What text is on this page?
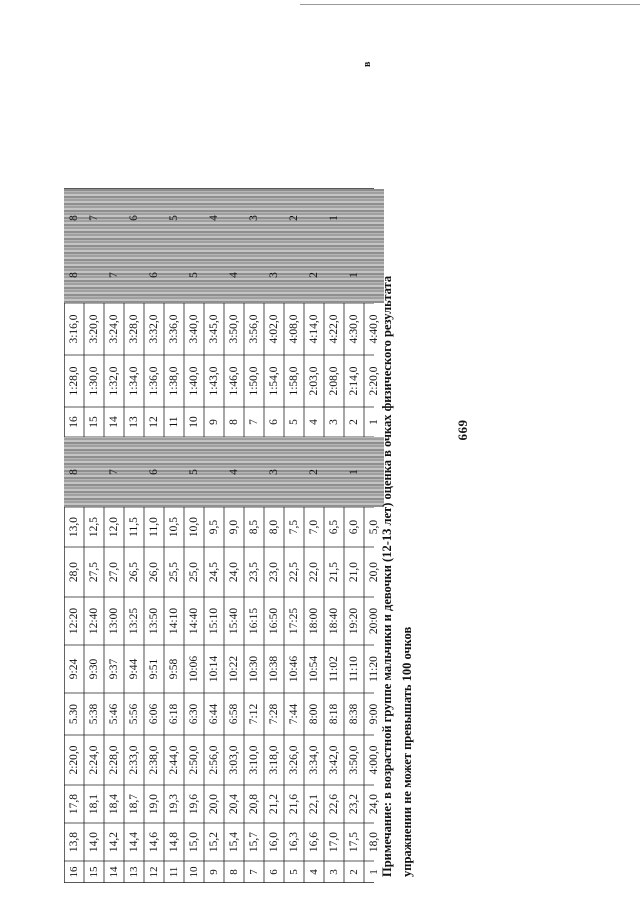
669
16
13,8
17,8
2:20,0
5.30
9:24
12:20
28,0
13,0
8
16
1:28,0
3:16,0
8
8
15
14,0
18,1
2:24,0
5:38
9:30
12:40
27,5
12,5
15
1:30,0
3:20,0
7
14
14,2
18,4
2:28,0
5:46
9:37
13:00
27,0
12,0
7
14
1:32,0
3:24,0
7
13
14,4
18,7
2:33,0
5:56
9:44
13:25
26,5
11,5
13
1:34,0
3:28,0
6
12
14,6
19,0
2:38,0
6:06
9:51
13:50
26,0
11,0
6
12
1:36,0
3:32,0
6
11
14,8
19,3
2:44,0
6:18
9:58
14:10
25,5
10,5
11
1:38,0
3:36,0
5
10
15,0
19,6
2:50,0
6:30
10:06
14:40
25,0
10,0
5
10
1:40,0
3:40,0
5
9
15,2
20,0
2:56,0
6:44
10:14
15:10
24,5
9,5
9
1:43,0
3:45,0
4
8
15,4
20,4
3:03,0
6:58
10:22
15:40
24,0
9,0
4
8
1:46,0
3:50,0
4
7
15,7
20,8
3:10,0
7:12
10:30
16:15
23,5
8,5
7
1:50,0
3:56,0
3
6
16,0
21,2
3:18,0
7:28
10:38
16:50
23,0
8,0
3
6
1:54,0
4:02,0
3
5
16,3
21,6
3:26,0
7:44
10:46
17:25
22,5
7,5
5
1:58,0
4:08,0
2
4
16,6
22,1
3:34,0
8:00
10:54
18:00
22,0
7,0
2
4
2:03,0
4:14,0
2
3
17,0
22,6
3:42,0
8:18
11:02
18:40
21,5
6,5
3
2:08,0
4:22,0
1
2
17,5
23,2
3:50,0
8:38
11:10
19:20
21,0
6,0
1
2
2:14,0
4:30,0
1
1
18,0
24,0
4:00,0
9:00
11:20
20:00
20,0
5,0
1
2:20,0
4:40,0 Примечание: в возрастной группе мальчики и девочки (12-13 лет) оценка в очках физического результата
в
упражнении не может превышать 100 очков
